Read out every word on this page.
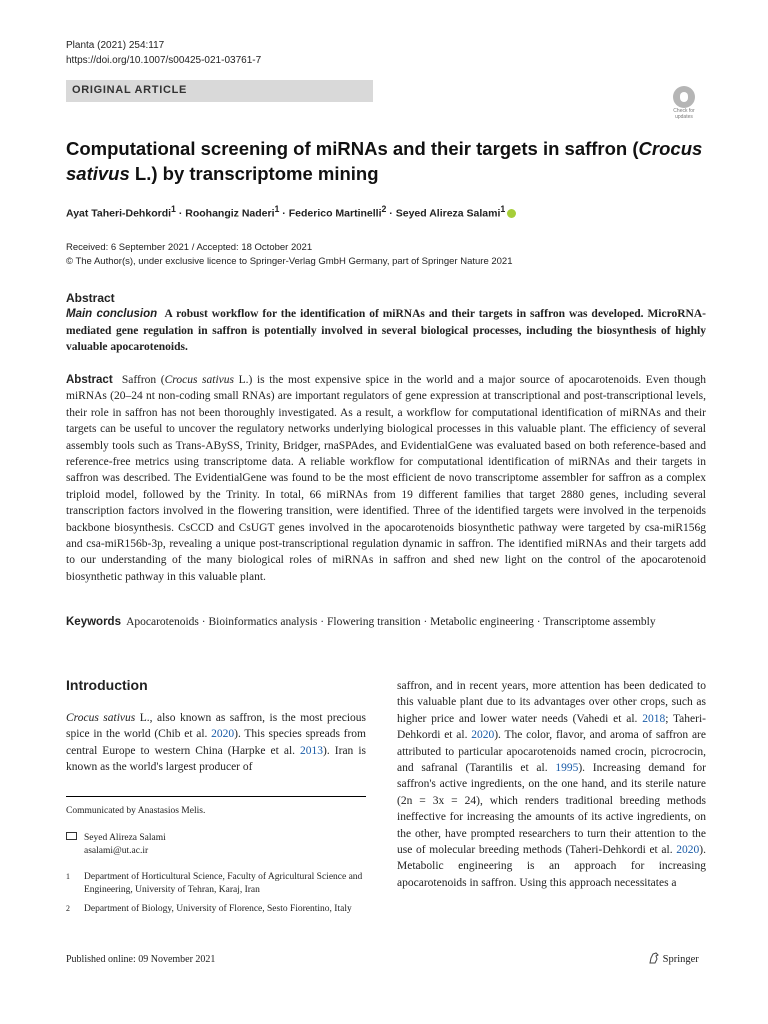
Planta (2021) 254:117
https://doi.org/10.1007/s00425-021-03761-7
ORIGINAL ARTICLE
Check for updates
Computational screening of miRNAs and their targets in saffron (Crocus sativus L.) by transcriptome mining
Ayat Taheri-Dehkordi$^1$ · Roohangiz Naderi$^1$ · Federico Martinelli$^2$ · Seyed Alireza Salami$^1$
Received: 6 September 2021 / Accepted: 18 October 2021
© The Author(s), under exclusive licence to Springer-Verlag GmbH Germany, part of Springer Nature 2021
Abstract
Main conclusion A robust workflow for the identification of miRNAs and their targets in saffron was developed. MicroRNA-mediated gene regulation in saffron is potentially involved in several biological processes, including the biosynthesis of highly valuable apocarotenoids.
Abstract Saffron (Crocus sativus L.) is the most expensive spice in the world and a major source of apocarotenoids. Even though miRNAs (20–24 nt non-coding small RNAs) are important regulators of gene expression at transcriptional and post-transcriptional levels, their role in saffron has not been thoroughly investigated. As a result, a workflow for computational identification of miRNAs and their targets can be useful to uncover the regulatory networks underlying biological processes in this valuable plant. The efficiency of several assembly tools such as Trans-ABySS, Trinity, Bridger, rnaSPAdes, and EvidentialGene was evaluated based on both reference-based and reference-free metrics using transcriptome data. A reliable workflow for computational identification of miRNAs and their targets in saffron was described. The EvidentialGene was found to be the most efficient de novo transcriptome assembler for saffron as a complex triploid model, followed by the Trinity. In total, 66 miRNAs from 19 different families that target 2880 genes, including several transcription factors involved in the flowering transition, were identified. Three of the identified targets were involved in the terpenoids backbone biosynthesis. CsCCD and CsUGT genes involved in the apocarotenoids biosynthetic pathway were targeted by csa-miR156g and csa-miR156b-3p, revealing a unique post-transcriptional regulation dynamic in saffron. The identified miRNAs and their targets add to our understanding of the many biological roles of miRNAs in saffron and shed new light on the control of the apocarotenoid biosynthetic pathway in this valuable plant.
Keywords Apocarotenoids · Bioinformatics analysis · Flowering transition · Metabolic engineering · Transcriptome assembly
Introduction
Crocus sativus L., also known as saffron, is the most precious spice in the world (Chib et al. 2020). This species spreads from central Europe to western China (Harpke et al. 2013). Iran is known as the world's largest producer of
saffron, and in recent years, more attention has been dedicated to this valuable plant due to its advantages over other crops, such as higher price and lower water needs (Vahedi et al. 2018; Taheri-Dehkordi et al. 2020). The color, flavor, and aroma of saffron are attributed to particular apocarotenoids named crocin, picrocrocin, and safranal (Tarantilis et al. 1995). Increasing demand for saffron's active ingredients, on the one hand, and its sterile nature (2n = 3x = 24), which renders traditional breeding methods ineffective for increasing the amounts of its active ingredients, on the other, have prompted researchers to turn their attention to the use of molecular breeding methods (Taheri-Dehkordi et al. 2020). Metabolic engineering is an approach for increasing apocarotenoids in saffron. Using this approach necessitates a
Communicated by Anastasios Melis.
Seyed Alireza Salami
asalami@ut.ac.ir
$^1$ Department of Horticultural Science, Faculty of Agricultural Science and Engineering, University of Tehran, Karaj, Iran
$^2$ Department of Biology, University of Florence, Sesto Fiorentino, Italy
Published online: 09 November 2021	Springer
